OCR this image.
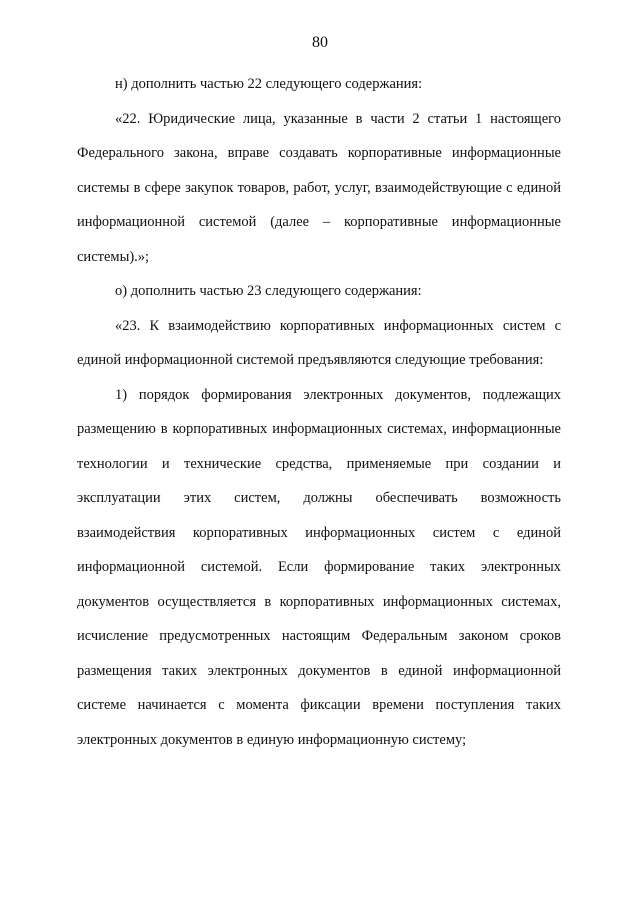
80

н) дополнить частью 22 следующего содержания:

«22. Юридические лица, указанные в части 2 статьи 1 настоящего Федерального закона, вправе создавать корпоративные информационные системы в сфере закупок товаров, работ, услуг, взаимодействующие с единой информационной системой (далее – корпоративные информационные системы).»;

о) дополнить частью 23 следующего содержания:

«23. К взаимодействию корпоративных информационных систем с единой информационной системой предъявляются следующие требования:

1) порядок формирования электронных документов, подлежащих размещению в корпоративных информационных системах, информационные технологии и технические средства, применяемые при создании и эксплуатации этих систем, должны обеспечивать возможность взаимодействия корпоративных информационных систем с единой информационной системой. Если формирование таких электронных документов осуществляется в корпоративных информационных системах, исчисление предусмотренных настоящим Федеральным законом сроков размещения таких электронных документов в единой информационной системе начинается с момента фиксации времени поступления таких электронных документов в единую информационную систему;
